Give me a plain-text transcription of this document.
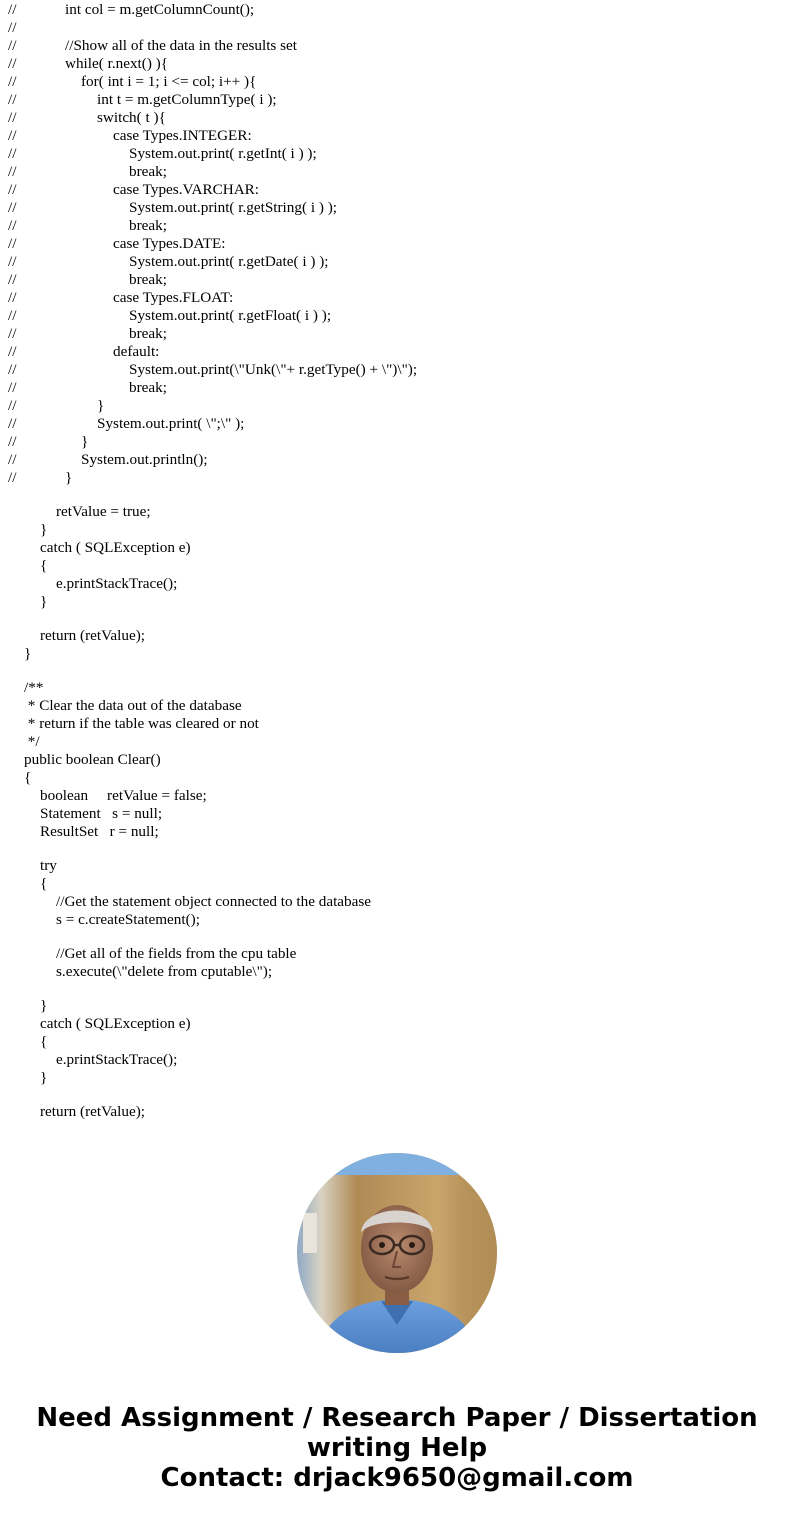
//	int col = m.getColumnCount();
//
//	//Show all of the data in the results set
//	while( r.next() ){
//	for( int i = 1; i <= col; i++ ){
//	int t = m.getColumnType( i );
//	switch( t ){
//	case Types.INTEGER:
//	System.out.print( r.getInt( i ) );
//	break;
//	case Types.VARCHAR:
//	System.out.print( r.getString( i ) );
//	break;
//	case Types.DATE:
//	System.out.print( r.getDate( i ) );
//	break;
//	case Types.FLOAT:
//	System.out.print( r.getFloat( i ) );
//	break;
//	default:
//	System.out.print(\"Unk(\"+ r.getType() + \")\");
//	break;
//	}
//	System.out.print( \";\" );
//	}
//	System.out.println();
//	}
retValue = true;
}
catch ( SQLException e)
{
e.printStackTrace();
}
return (retValue);
}
/**
* Clear the data out of the database
* return if the table was cleared or not
*/
public boolean Clear()
{
boolean     retValue = false;
Statement   s = null;
ResultSet   r = null;
try
{
//Get the statement object connected to the database
s = c.createStatement();
//Get all of the fields from the cpu table
s.execute(\"delete from cputable\");
}
catch ( SQLException e)
{
e.printStackTrace();
}
return (retValue);
Need Assignment / Research Paper / Dissertation
writing Help
Contact: drjack9650@gmail.com
